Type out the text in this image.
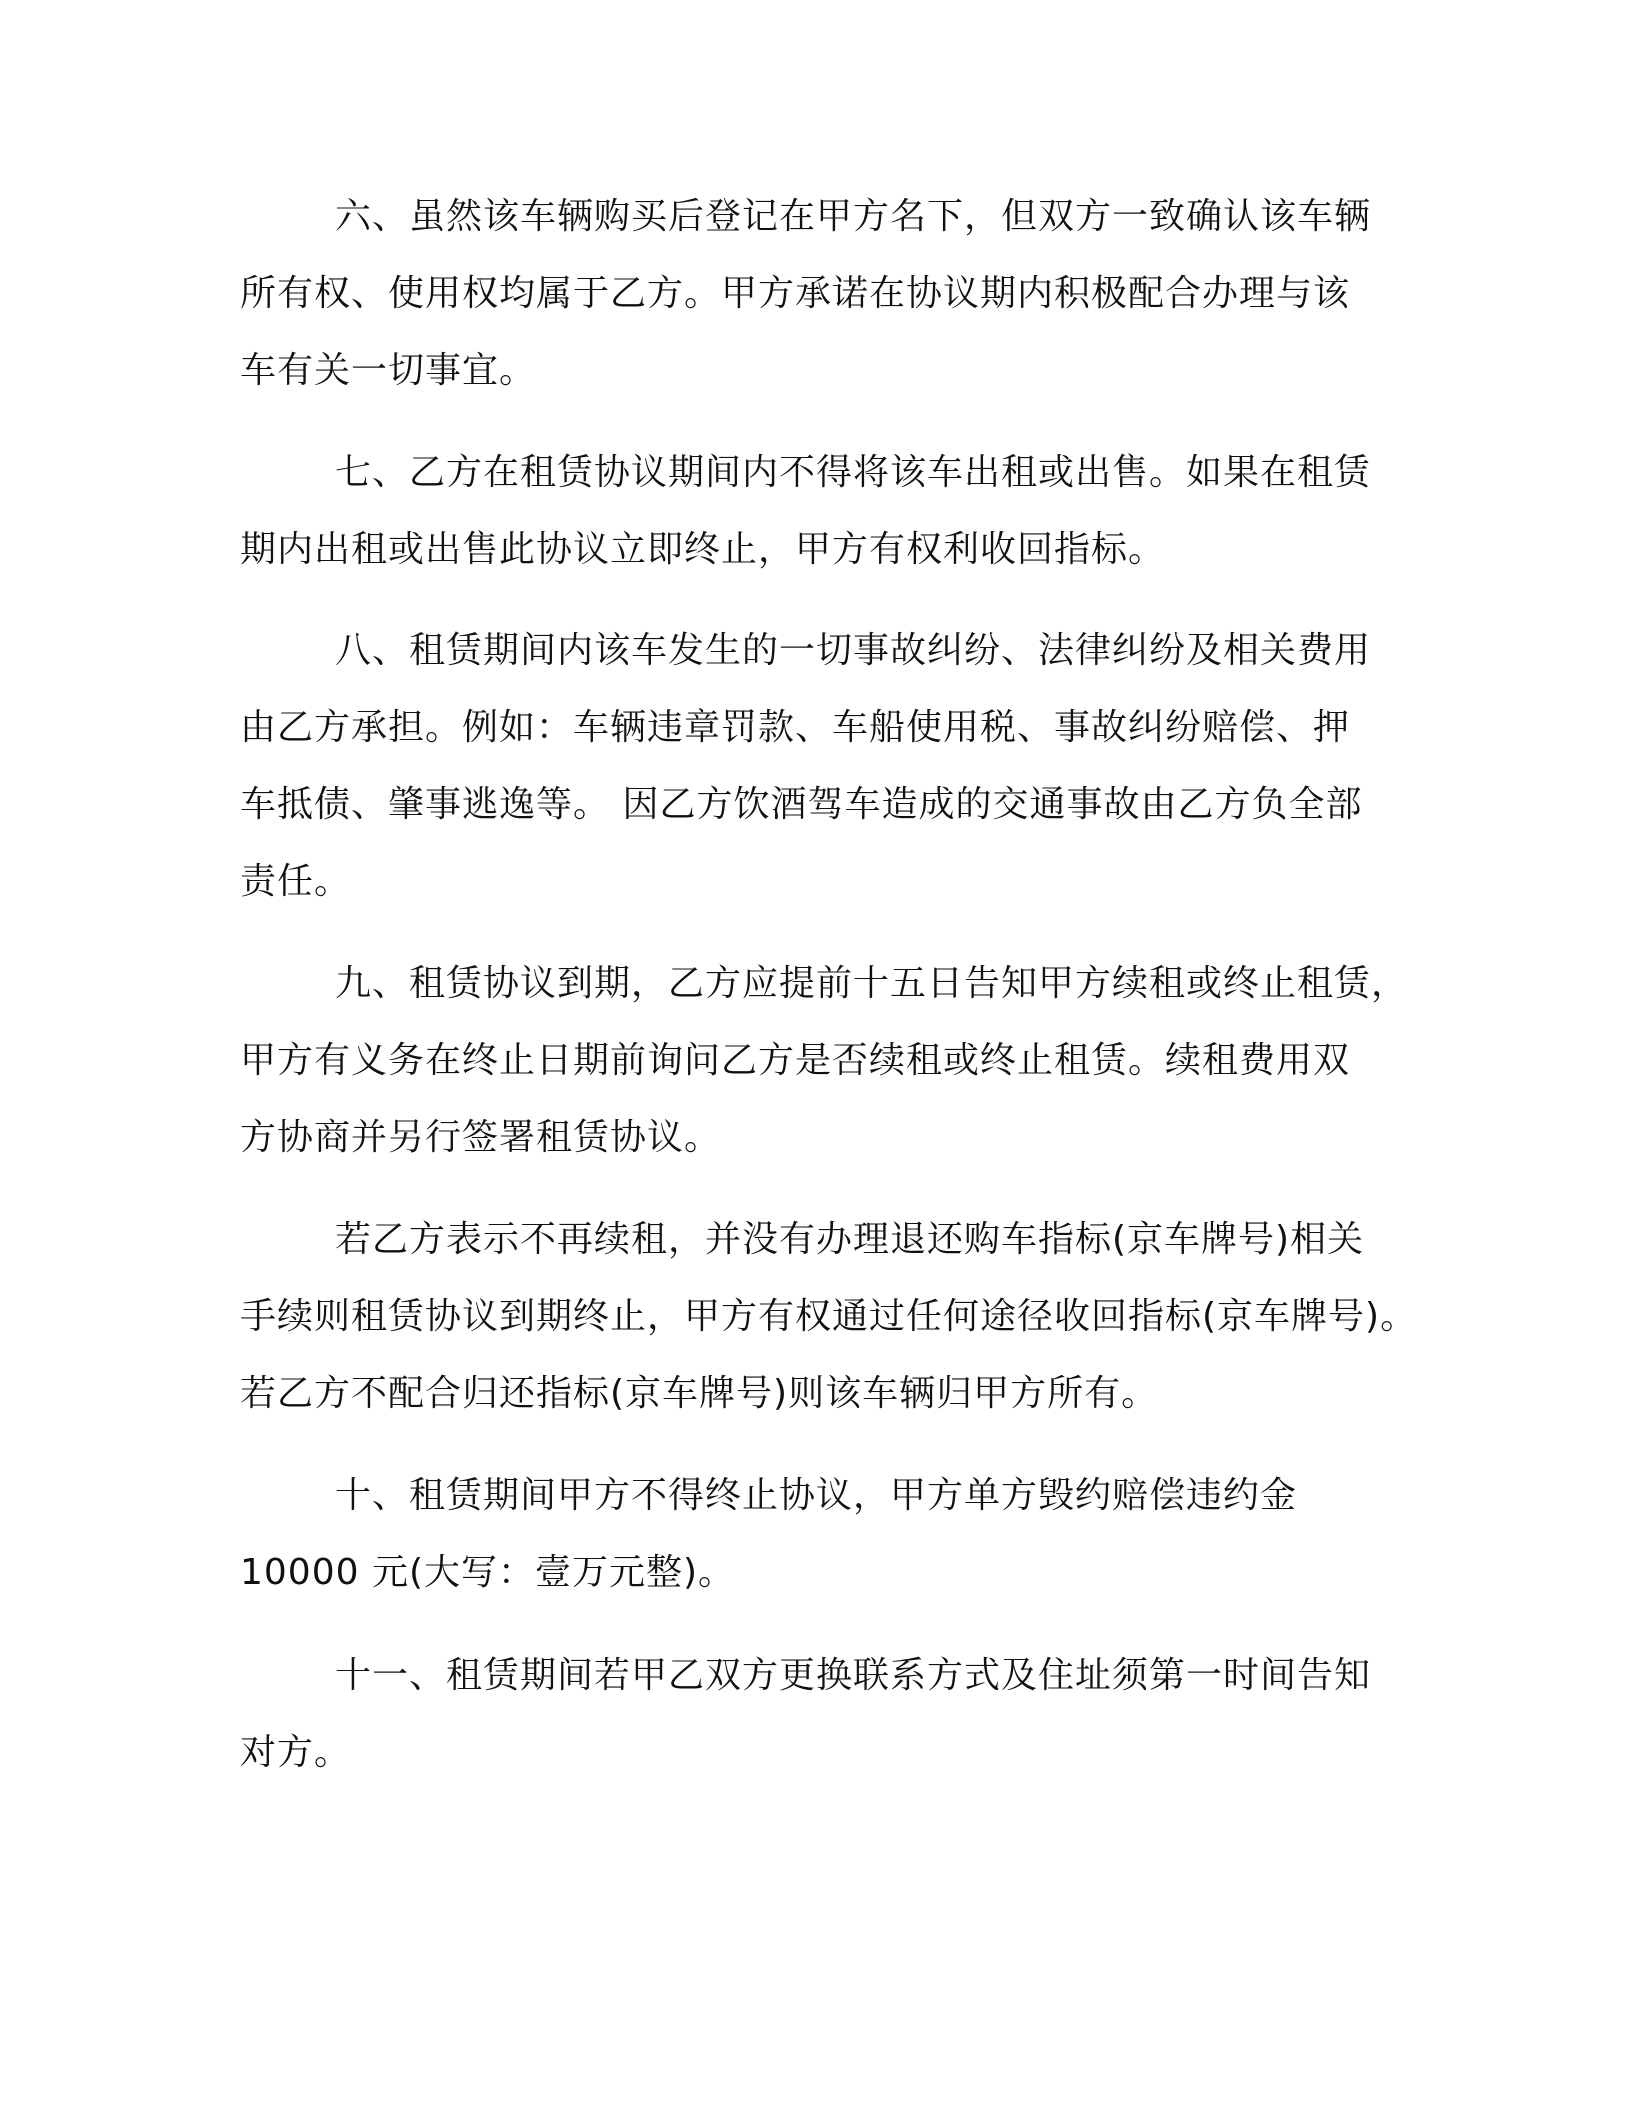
六、虽然该车辆购买后登记在甲方名下，但双方一致确认该车辆
所有权、使用权均属于乙方。甲方承诺在协议期内积极配合办理与该
车有关一切事宜。
七、乙方在租赁协议期间内不得将该车出租或出售。如果在租赁
期内出租或出售此协议立即终止，甲方有权利收回指标。
八、租赁期间内该车发生的一切事故纠纷、法律纠纷及相关费用
由乙方承担。例如：车辆违章罚款、车船使用税、事故纠纷赔偿、押
车抵债、肇事逃逸等。 因乙方饮酒驾车造成的交通事故由乙方负全部
责任。
九、租赁协议到期，乙方应提前十五日告知甲方续租或终止租赁，
甲方有义务在终止日期前询问乙方是否续租或终止租赁。续租费用双
方协商并另行签署租赁协议。
若乙方表示不再续租，并没有办理退还购车指标(京车牌号)相关
手续则租赁协议到期终止，甲方有权通过任何途径收回指标(京车牌号)。
若乙方不配合归还指标(京车牌号)则该车辆归甲方所有。
十、租赁期间甲方不得终止协议，甲方单方毁约赔偿违约金
10000 元(大写：壹万元整)。
十一、租赁期间若甲乙双方更换联系方式及住址须第一时间告知
对方。
